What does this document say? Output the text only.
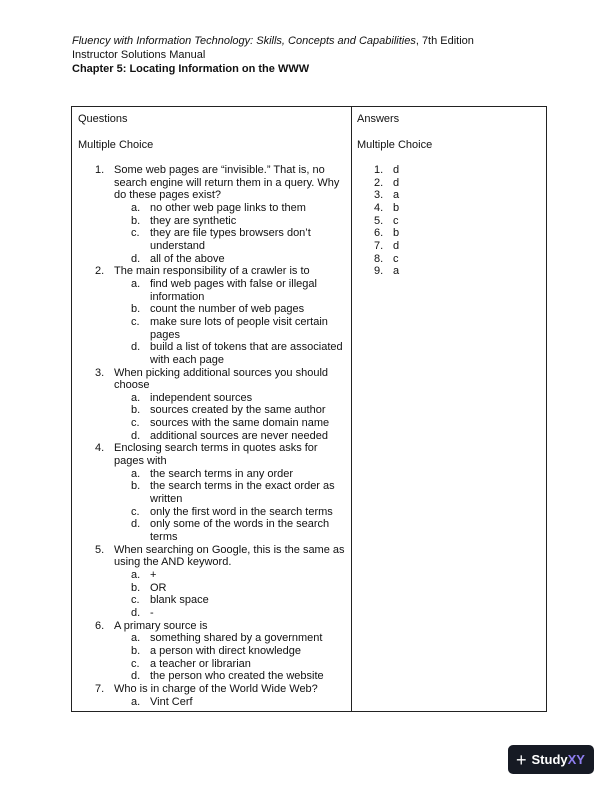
Fluency with Information Technology: Skills, Concepts and Capabilities, 7th Edition
Instructor Solutions Manual
Chapter 5: Locating Information on the WWW
Questions
Multiple Choice
1. Some web pages are “invisible.” That is, no search engine will return them in a query. Why do these pages exist?
a. no other web page links to them
b. they are synthetic
c. they are file types browsers don’t understand
d. all of the above
2. The main responsibility of a crawler is to
a. find web pages with false or illegal information
b. count the number of web pages
c. make sure lots of people visit certain pages
d. build a list of tokens that are associated with each page
3. When picking additional sources you should choose
a. independent sources
b. sources created by the same author
c. sources with the same domain name
d. additional sources are never needed
4. Enclosing search terms in quotes asks for pages with
a. the search terms in any order
b. the search terms in the exact order as written
c. only the first word in the search terms
d. only some of the words in the search terms
5. When searching on Google, this is the same as using the AND keyword.
a. +
b. OR
c. blank space
d. -
6. A primary source is
a. something shared by a government
b. a person with direct knowledge
c. a teacher or librarian
d. the person who created the website
7. Who is in charge of the World Wide Web?
a. Vint Cerf
Answers
Multiple Choice
1. d
2. d
3. a
4. b
5. c
6. b
7. d
8. c
9. a
+ StudyXY
